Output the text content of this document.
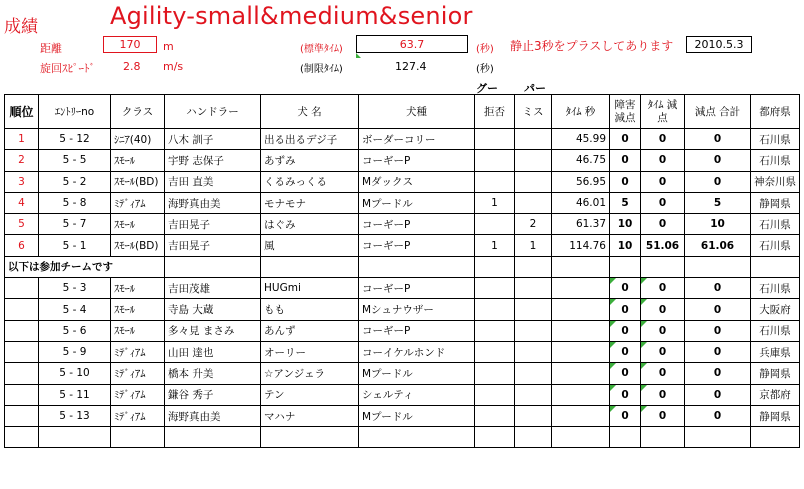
成績	Agility-small&medium&senior
距離	170 m
旋回ｽﾋﾟｰﾄﾞ	2.8 m/s
(標準ﾀｲﾑ)	63.7	(秒) 静止3秒をプラスしてあります 2010.5.3
(制限ﾀｲﾑ)	127.4	(秒)
グー パー
順位	ｴﾝﾄﾘｰno	クラス	ハンドラー	犬 名	犬種	拒否	ミス	ﾀｲﾑ 秒	障害減点	ﾀｲﾑ 減点	減点 合計	都府県
1	5 - 12	ｼﾆｱ(40)	八木 訓子	出る出るデジ子	ボーダーコリー			45.99	0	0	0	石川県
2	5 - 5	ｽﾓｰﾙ	宇野 志保子	あずみ	コーギーP			46.75	0	0	0	石川県
3	5 - 2	ｽﾓｰﾙ(BD)	吉田 直美	くるみっくる	Mダックス			56.95	0	0	0	神奈川県
4	5 - 8	ﾐﾃﾞｨｱﾑ	海野真由美	モナモナ	Mプードル	1		46.01	5	0	5	静岡県
5	5 - 7	ｽﾓｰﾙ	吉田晃子	はぐみ	コーギーP		2	61.37	10	0	10	石川県
6	5 - 1	ｽﾓｰﾙ(BD)	吉田晃子	風	コーギーP	1	1	114.76	10	51.06	61.06	石川県
以下は参加チームです												
	5 - 3	ｽﾓｰﾙ	吉田茂雄	HUGmi	コーギーP				0	0	0	石川県
	5 - 4	ｽﾓｰﾙ	寺島 大蔵	もも	Mシュナウザー				0	0	0	大阪府
	5 - 6	ｽﾓｰﾙ	多々見 まさみ	あんず	コーギーP				0	0	0	石川県
	5 - 9	ﾐﾃﾞｨｱﾑ	山田 達也	オーリー	コーイケルホンド				0	0	0	兵庫県
	5 - 10	ﾐﾃﾞｨｱﾑ	橋本 升美	☆アンジェラ	Mプードル				0	0	0	静岡県
	5 - 11	ﾐﾃﾞｨｱﾑ	鎌谷 秀子	テン	シェルティ				0	0	0	京都府
	5 - 13	ﾐﾃﾞｨｱﾑ	海野真由美	マハナ	Mプードル				0	0	0	静岡県
